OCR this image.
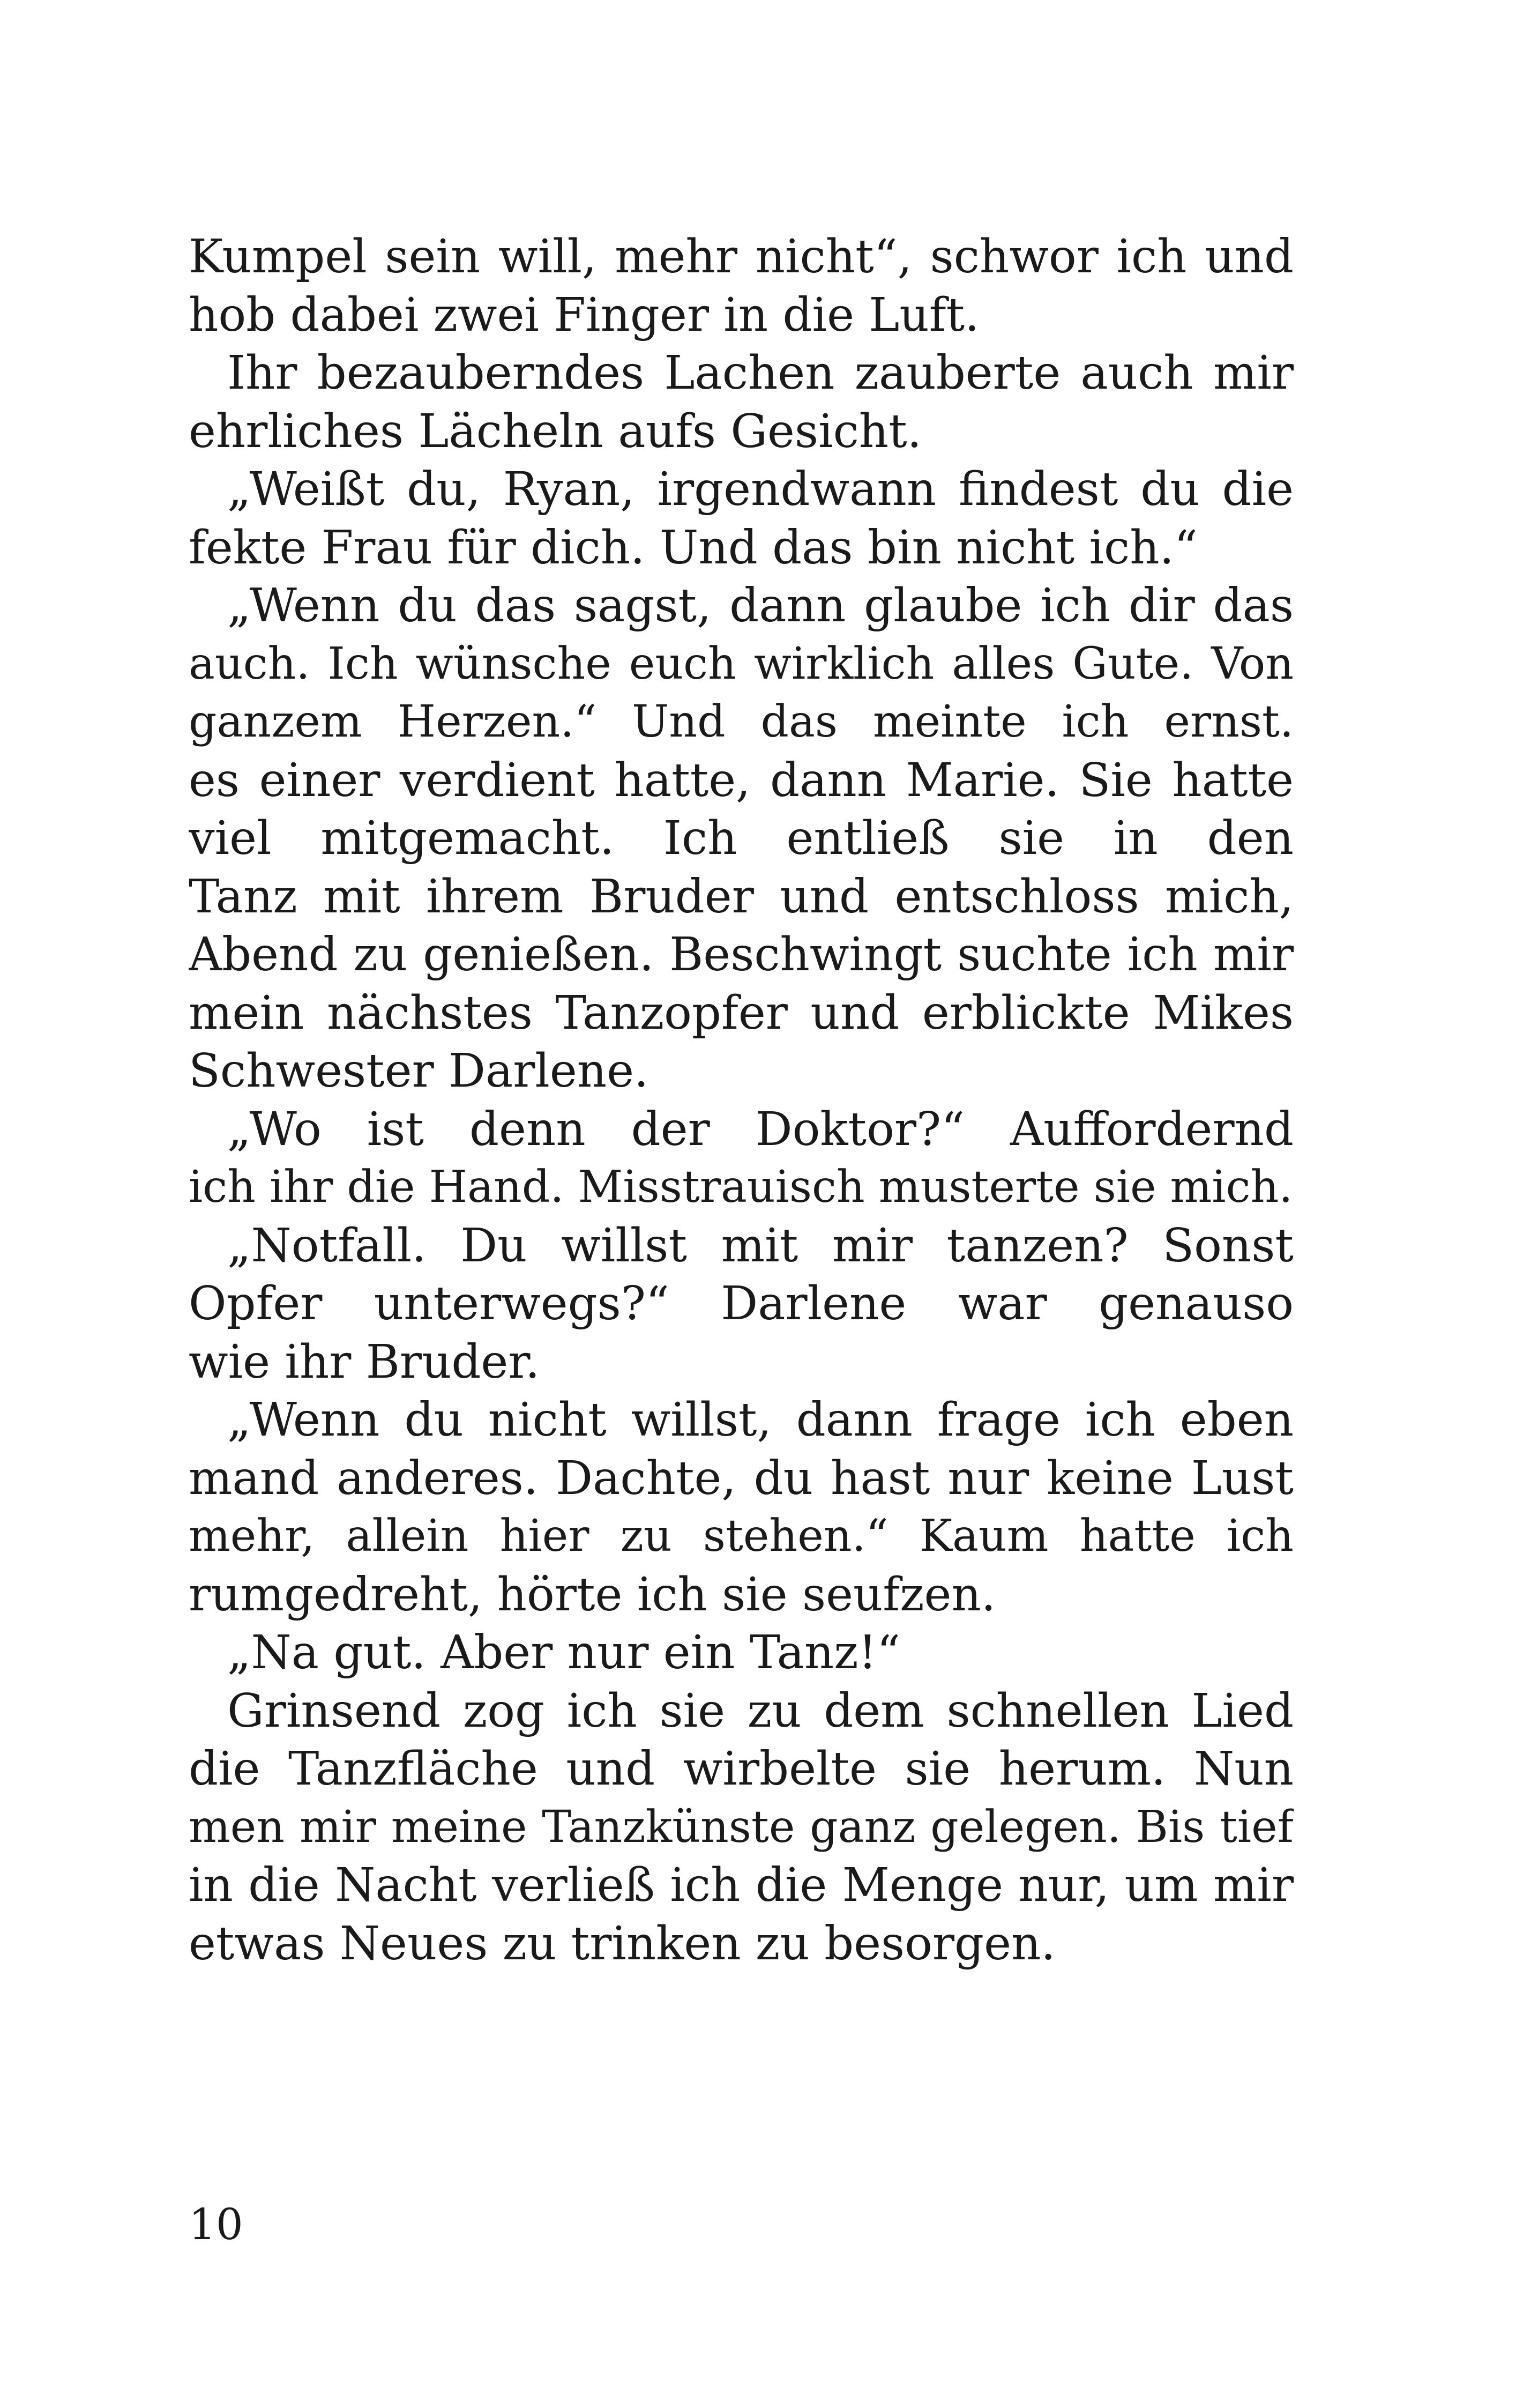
Kumpel sein will, mehr nicht“, schwor ich und
hob dabei zwei Finger in die Luft.
Ihr bezauberndes Lachen zauberte auch mir
ehrliches Lächeln aufs Gesicht.
„Weißt du, Ryan, irgendwann findest du die
fekte Frau für dich. Und das bin nicht ich.“
„Wenn du das sagst, dann glaube ich dir das
auch. Ich wünsche euch wirklich alles Gute. Von
ganzem Herzen.“ Und das meinte ich ernst.
es einer verdient hatte, dann Marie. Sie hatte
viel mitgemacht. Ich entließ sie in den
Tanz mit ihrem Bruder und entschloss mich,
Abend zu genießen. Beschwingt suchte ich mir
mein nächstes Tanzopfer und erblickte Mikes
Schwester Darlene.
„Wo ist denn der Doktor?“ Auffordernd
ich ihr die Hand. Misstrauisch musterte sie mich.
„Notfall. Du willst mit mir tanzen? Sonst
Opfer unterwegs?“ Darlene war genauso
wie ihr Bruder.
„Wenn du nicht willst, dann frage ich eben
mand anderes. Dachte, du hast nur keine Lust
mehr, allein hier zu stehen.“ Kaum hatte ich
rumgedreht, hörte ich sie seufzen.
„Na gut. Aber nur ein Tanz!“
Grinsend zog ich sie zu dem schnellen Lied
die Tanzfläche und wirbelte sie herum. Nun
men mir meine Tanzkünste ganz gelegen. Bis tief
in die Nacht verließ ich die Menge nur, um mir
etwas Neues zu trinken zu besorgen.
10
